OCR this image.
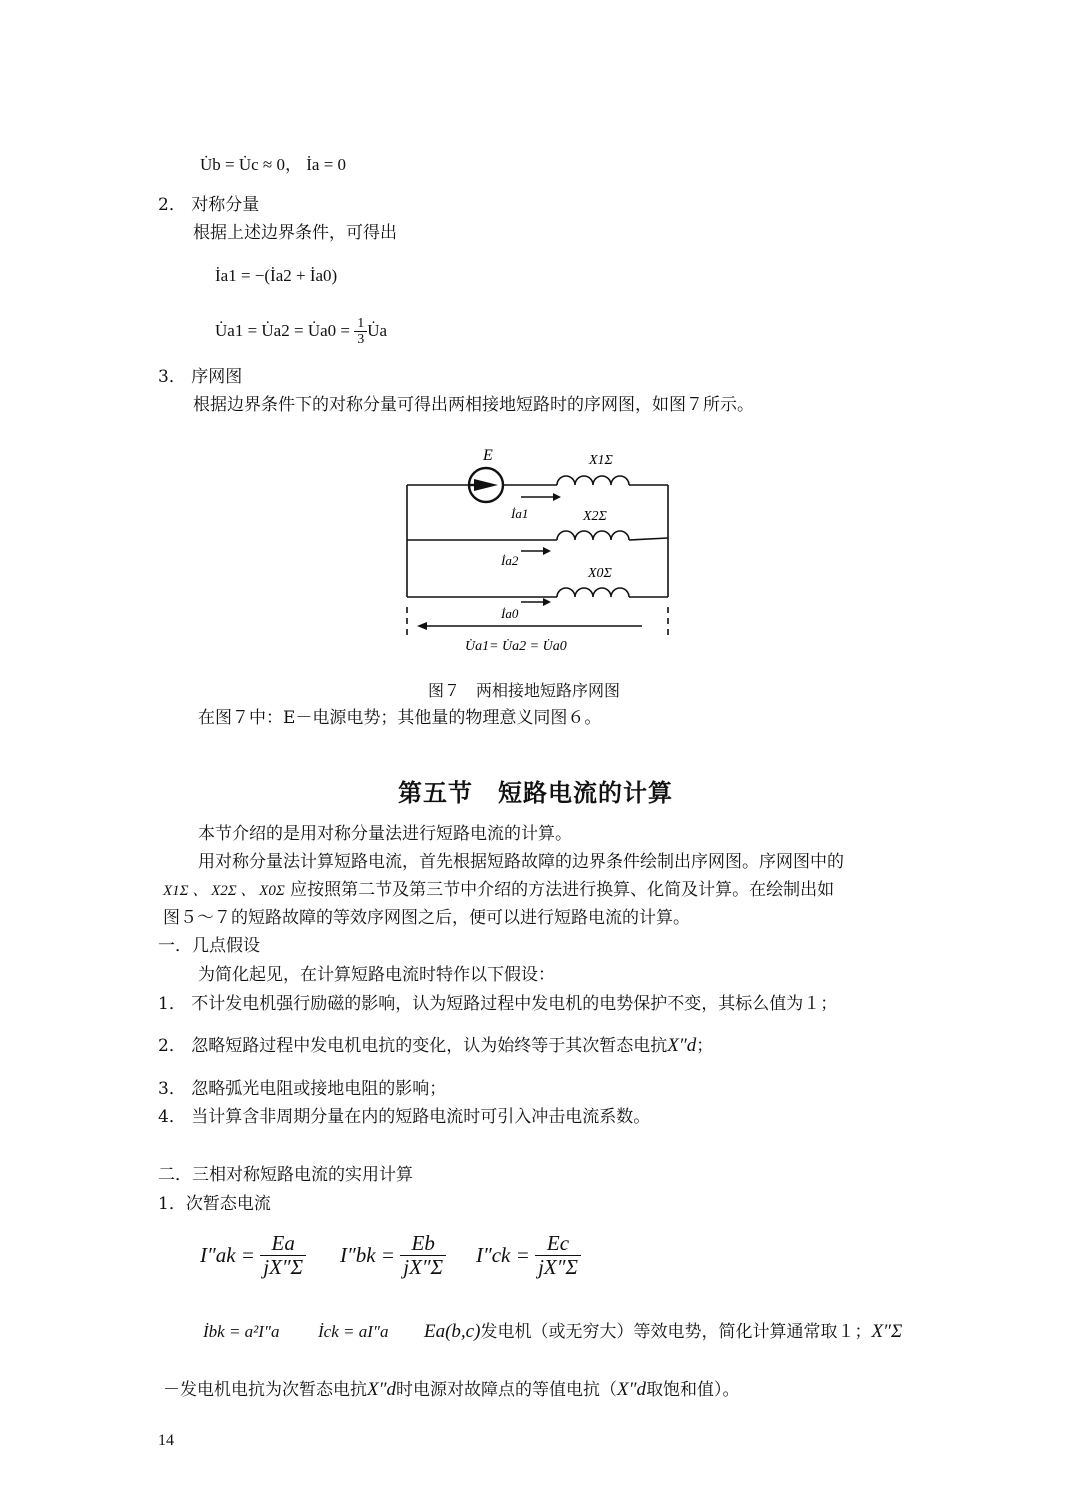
U̇b = U̇c ≈ 0， İa = 0
2． 对称分量
根据上述边界条件，可得出
İa1 = −(İa2 + İa0)
U̇a1 = U̇a2 = U̇a0 = $\frac{1}{3}$ U̇a
3． 序网图
根据边界条件下的对称分量可得出两相接地短路时的序网图，如图７所示。
E	X1Σ
X2Σ
X0Σ
İa1
İa2
İa0
U̇a1= U̇a2 = U̇a0
图７　两相接地短路序网图
在图７中：E－电源电势；其他量的物理意义同图６。
第五节　短路电流的计算
本节介绍的是用对称分量法进行短路电流的计算。
用对称分量法计算短路电流，首先根据短路故障的边界条件绘制出序网图。序网图中的
X1Σ 、 X2Σ 、 X0Σ 应按照第二节及第三节中介绍的方法进行换算、化简及计算。在绘制出如
图５～７的短路故障的等效序网图之后，便可以进行短路电流的计算。
一．几点假设
为简化起见，在计算短路电流时特作以下假设：
1． 不计发电机强行励磁的影响，认为短路过程中发电机的电势保护不变，其标么值为１；
2． 忽略短路过程中发电机电抗的变化，认为始终等于其次暂态电抗X″d；
3． 忽略弧光电阻或接地电阻的影响；
4． 当计算含非周期分量在内的短路电流时可引入冲击电流系数。
二．三相对称短路电流的实用计算
1．次暂态电流
$I''ak = \frac{Ea}{jX''\Sigma} I''bk = \frac{Eb}{jX''\Sigma} I''ck = \frac{Ec}{jX''\Sigma}$
İbk = a²I″a İck = aI″a Ea(b,c)发电机（或无穷大）等效电势，简化计算通常取１；X″Σ
－发电机电抗为次暂态电抗X″d时电源对故障点的等值电抗（X″d取饱和值）。
14
